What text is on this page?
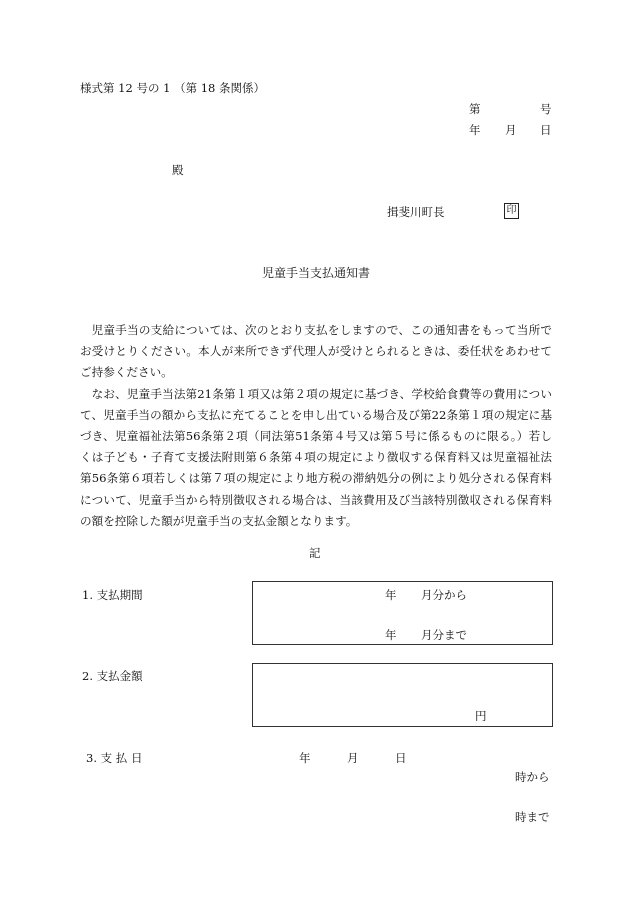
様式第 12 号の 1 （第 18 条関係）
第	号
年 月 日
殿
揖斐川町長	印
児童手当支払通知書

児童手当の支給については、次のとおり支払をしますので、この通知書をもって当所でお受けとりください。本人が来所できず代理人が受けとられるときは、委任状をあわせてご持参ください。

なお、児童手当法第21条第１項又は第２項の規定に基づき、学校給食費等の費用について、児童手当の額から支払に充てることを申し出ている場合及び第22条第１項の規定に基づき、児童福祉法第56条第２項（同法第51条第４号又は第５号に係るものに限る。）若しくは子ども・子育て支援法附則第６条第４項の規定により徴収する保育料又は児童福祉法第56条第６項若しくは第７項の規定により地方税の滞納処分の例により処分される保育料について、児童手当から特別徴収される場合は、当該費用及び当該特別徴収される保育料の額を控除した額が児童手当の支払金額となります。

記
1. 支払期間	年 月分から
年 月分まで
2. 支払金額
円
3. 支 払 日	年	月	日
時から
時まで
